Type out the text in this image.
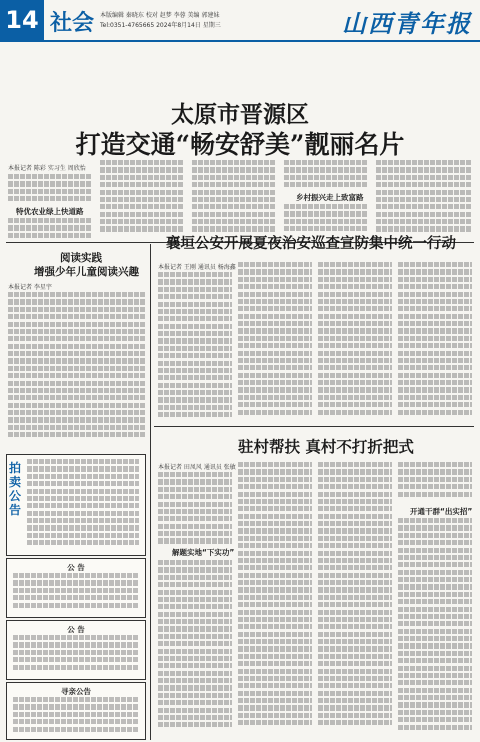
14 社会 本版编辑 秦晓东 校对 赵梦 李蓉 美编 郭建妹
Tel:0351-4765665 2024年8月14日 星期三	山西青年报
太原市晋源区
打造交通“畅安舒美”靓丽名片
本报记者 陈彩 实习生 周欣怡
特优农业绿上快道路
乡村振兴走上致富路
阅读实践
增强少年儿童阅读兴趣
本报记者 李星宇
襄垣公安开展夏夜治安巡查宣防集中统一行动
本报记者 王刚 通讯员 杨海鑫
驻村帮扶 真村不打折把式
本报记者 田凤风 通讯员 张敏
解题实地“下实功”
开通干群“出实招”
拍
卖
公
告
公 告
公 告
寻亲公告
